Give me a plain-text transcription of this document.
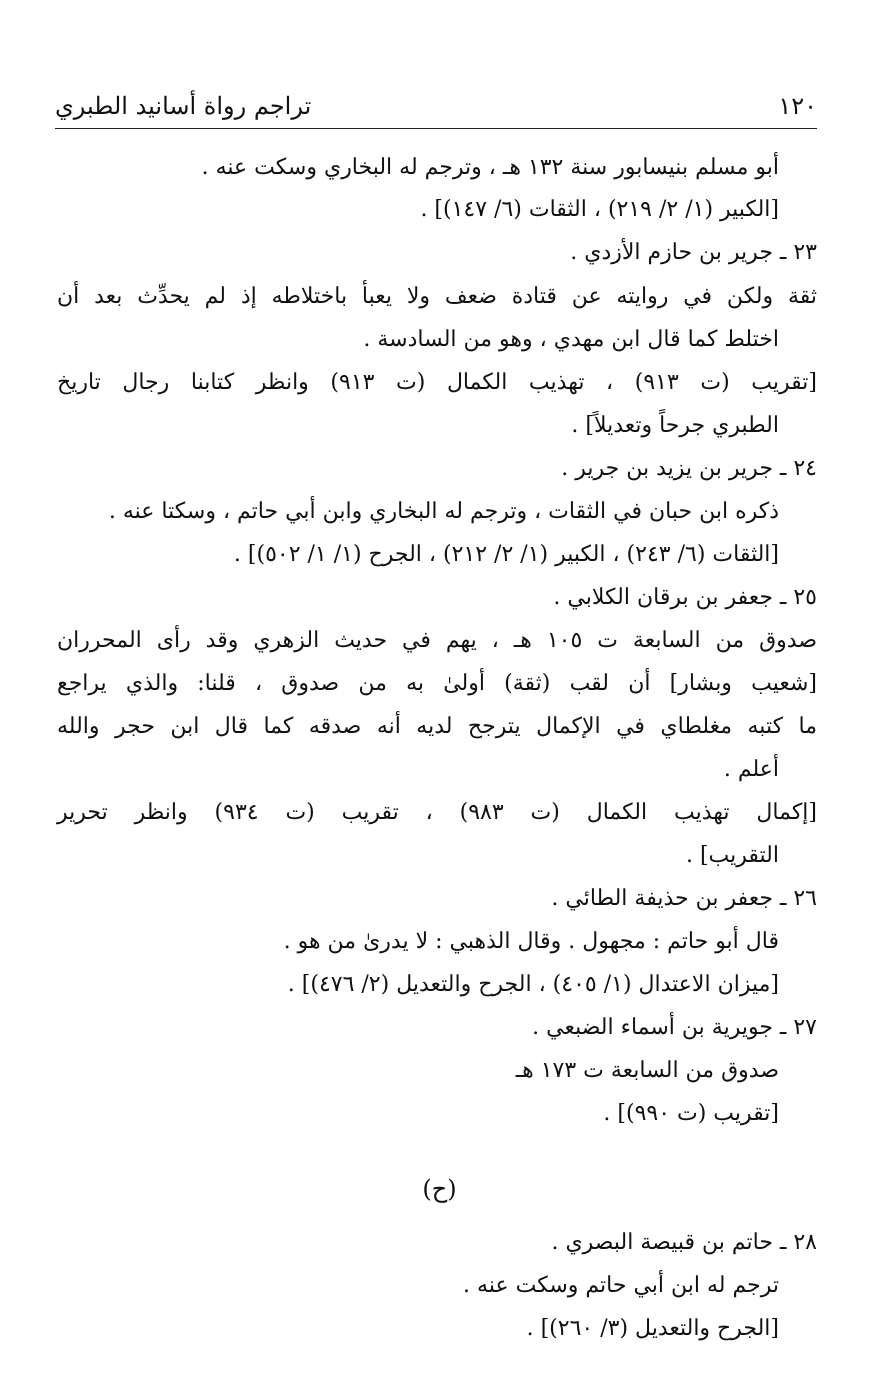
١٢٠
تراجم رواة أسانيد الطبري
أبو مسلم بنيسابور سنة ١٣٢ هـ ، وترجم له البخاري وسكت عنه .
[الكبير (١/ ٢/ ٢١٩) ، الثقات (٦/ ١٤٧)] .
٢٣ ـ جرير بن حازم الأزدي .
ثقة ولكن في روايته عن قتادة ضعف ولا يعبأ باختلاطه إذ لم يحدِّث بعد أن
اختلط كما قال ابن مهدي ، وهو من السادسة .
[تقريب (ت ٩١٣) ، تهذيب الكمال (ت ٩١٣) وانظر كتابنا رجال تاريخ
الطبري جرحاً وتعديلاً] .
٢٤ ـ جرير بن يزيد بن جرير .
ذكره ابن حبان في الثقات ، وترجم له البخاري وابن أبي حاتم ، وسكتا عنه .
[الثقات (٦/ ٢٤٣) ، الكبير (١/ ٢/ ٢١٢) ، الجرح (١/ ١/ ٥٠٢)] .
٢٥ ـ جعفر بن برقان الكلابي .
صدوق من السابعة ت ١٠٥ هـ ، يهم في حديث الزهري وقد رأى المحرران
[شعيب وبشار] أن لقب (ثقة) أولىٰ به من صدوق ، قلنا: والذي يراجع
ما كتبه مغلطاي في الإكمال يترجح لديه أنه صدقه كما قال ابن حجر والله
أعلم .
[إكمال تهذيب الكمال (ت ٩٨٣) ، تقريب (ت ٩٣٤) وانظر تحرير
التقريب] .
٢٦ ـ جعفر بن حذيفة الطائي .
قال أبو حاتم : مجهول . وقال الذهبي : لا يدرىٰ من هو .
[ميزان الاعتدال (١/ ٤٠٥) ، الجرح والتعديل (٢/ ٤٧٦)] .
٢٧ ـ جويرية بن أسماء الضبعي .
صدوق من السابعة ت ١٧٣ هـ
[تقريب (ت ٩٩٠)] .
(ح)
٢٨ ـ حاتم بن قبيصة البصري .
ترجم له ابن أبي حاتم وسكت عنه .
[الجرح والتعديل (٣/ ٢٦٠)] .
